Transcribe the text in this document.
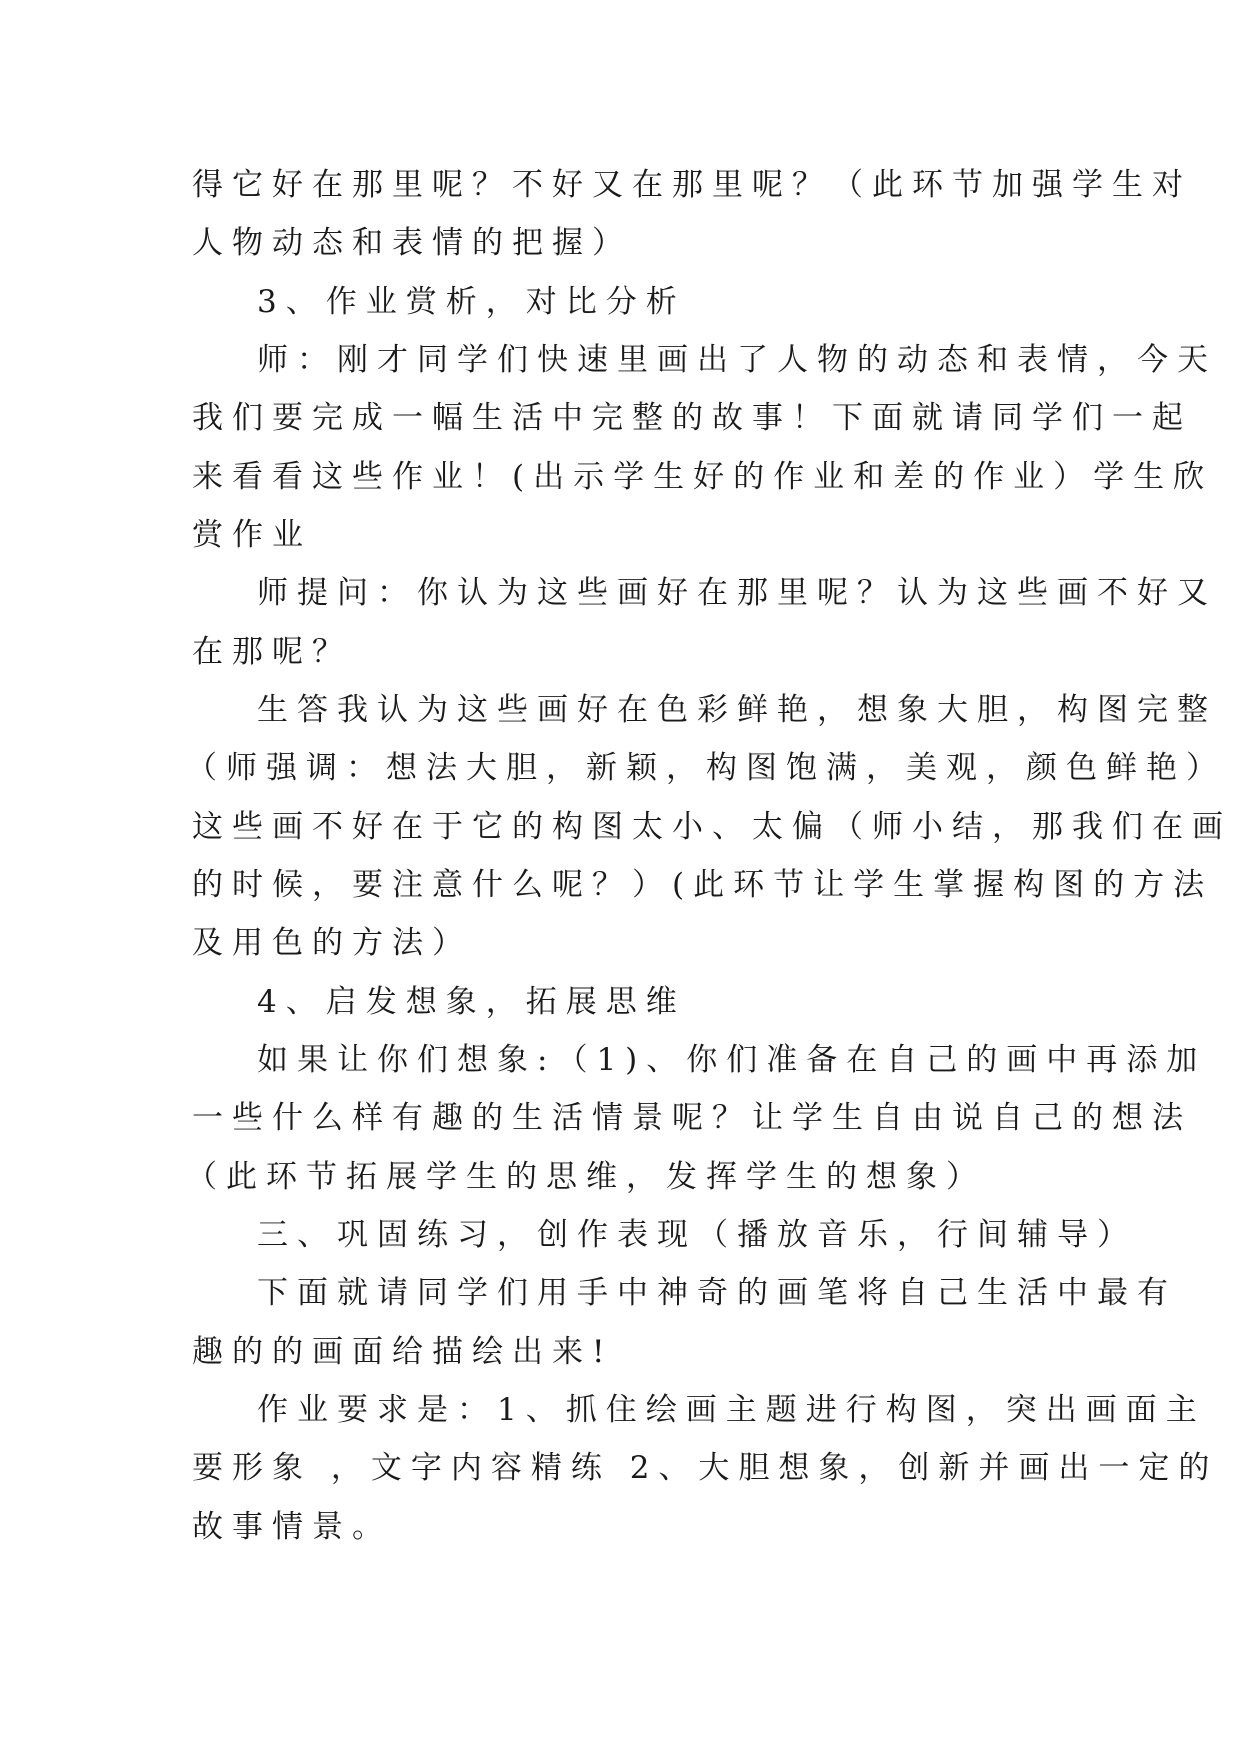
得它好在那里呢？不好又在那里呢？（此环节加强学生对
人物动态和表情的把握）
3、作业赏析，对比分析
师：刚才同学们快速里画出了人物的动态和表情，今天
我们要完成一幅生活中完整的故事！下面就请同学们一起
来看看这些作业！(出示学生好的作业和差的作业）学生欣
赏作业
师提问：你认为这些画好在那里呢？认为这些画不好又
在那呢？
生答我认为这些画好在色彩鲜艳，想象大胆，构图完整
（师强调：想法大胆，新颖，构图饱满，美观，颜色鲜艳）
这些画不好在于它的构图太小、太偏（师小结，那我们在画
的时候，要注意什么呢？）(此环节让学生掌握构图的方法
及用色的方法）
4、启发想象，拓展思维
如果让你们想象:（1)、你们准备在自己的画中再添加
一些什么样有趣的生活情景呢？让学生自由说自己的想法
（此环节拓展学生的思维，发挥学生的想象）
三、巩固练习，创作表现（播放音乐，行间辅导）
下面就请同学们用手中神奇的画笔将自己生活中最有
趣的的画面给描绘出来!
作业要求是：1、抓住绘画主题进行构图，突出画面主
要形象 ，文字内容精练 2、大胆想象，创新并画出一定的
故事情景。
